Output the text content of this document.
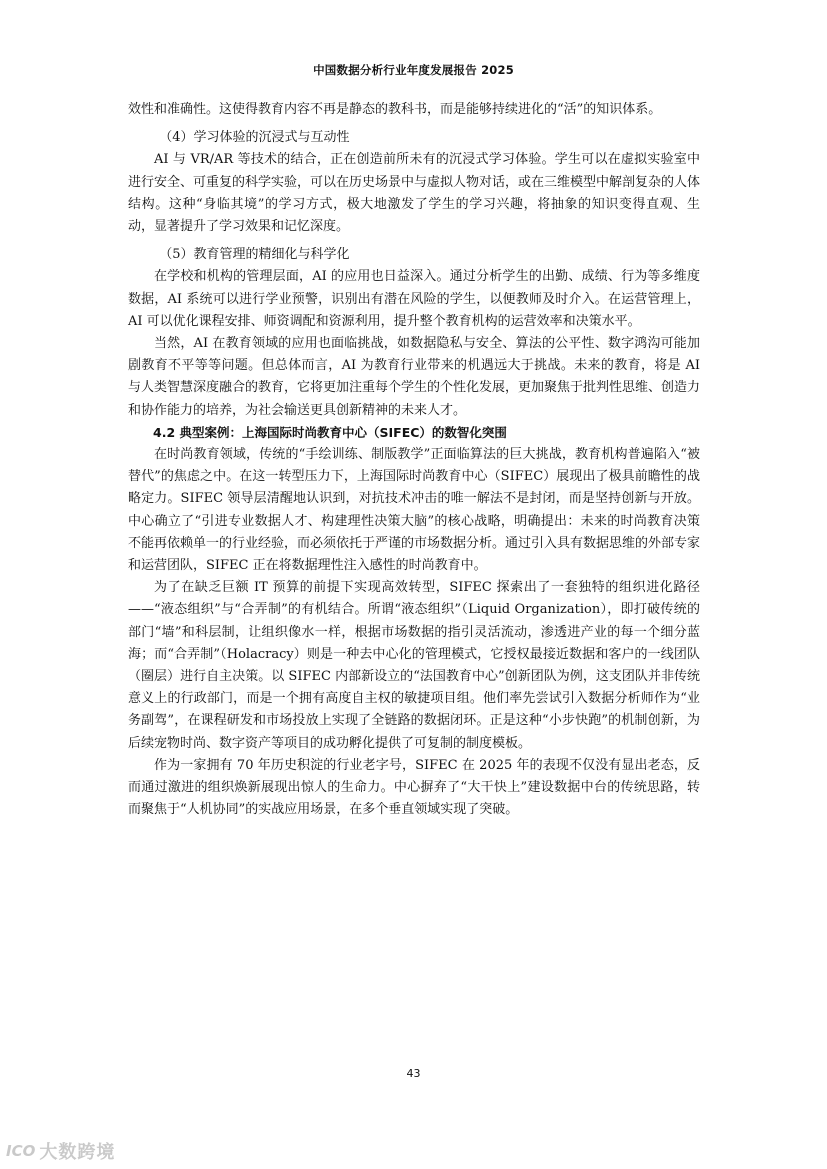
中国数据分析行业年度发展报告 2025

效性和准确性。这使得教育内容不再是静态的教科书，而是能够持续进化的“活”的知识体系。

（4）学习体验的沉浸式与互动性

AI 与 VR/AR 等技术的结合，正在创造前所未有的沉浸式学习体验。学生可以在虚拟实验室中进行安全、可重复的科学实验，可以在历史场景中与虚拟人物对话，或在三维模型中解剖复杂的人体结构。这种“身临其境”的学习方式，极大地激发了学生的学习兴趣，将抽象的知识变得直观、生动，显著提升了学习效果和记忆深度。

（5）教育管理的精细化与科学化

在学校和机构的管理层面，AI 的应用也日益深入。通过分析学生的出勤、成绩、行为等多维度数据，AI 系统可以进行学业预警，识别出有潜在风险的学生，以便教师及时介入。在运营管理上，AI 可以优化课程安排、师资调配和资源利用，提升整个教育机构的运营效率和决策水平。

当然，AI 在教育领域的应用也面临挑战，如数据隐私与安全、算法的公平性、数字鸿沟可能加剧教育不平等等问题。但总体而言，AI 为教育行业带来的机遇远大于挑战。未来的教育，将是 AI 与人类智慧深度融合的教育，它将更加注重每个学生的个性化发展，更加聚焦于批判性思维、创造力和协作能力的培养，为社会输送更具创新精神的未来人才。

4.2 典型案例：上海国际时尚教育中心（SIFEC）的数智化突围

在时尚教育领域，传统的“手绘训练、制版教学”正面临算法的巨大挑战，教育机构普遍陷入“被替代”的焦虑之中。在这一转型压力下，上海国际时尚教育中心（SIFEC）展现出了极具前瞻性的战略定力。SIFEC 领导层清醒地认识到，对抗技术冲击的唯一解法不是封闭，而是坚持创新与开放。中心确立了“引进专业数据人才、构建理性决策大脑”的核心战略，明确提出：未来的时尚教育决策不能再依赖单一的行业经验，而必须依托于严谨的市场数据分析。通过引入具有数据思维的外部专家和运营团队，SIFEC 正在将数据理性注入感性的时尚教育中。

为了在缺乏巨额 IT 预算的前提下实现高效转型，SIFEC 探索出了一套独特的组织进化路径——“液态组织”与“合弄制”的有机结合。所谓“液态组织”（Liquid Organization），即打破传统的部门“墙”和科层制，让组织像水一样，根据市场数据的指引灵活流动，渗透进产业的每一个细分蓝海；而“合弄制”（Holacracy）则是一种去中心化的管理模式，它授权最接近数据和客户的一线团队（圈层）进行自主决策。以 SIFEC 内部新设立的“法国教育中心”创新团队为例，这支团队并非传统意义上的行政部门，而是一个拥有高度自主权的敏捷项目组。他们率先尝试引入数据分析师作为“业务副驾”，在课程研发和市场投放上实现了全链路的数据闭环。正是这种“小步快跑”的机制创新，为后续宠物时尚、数字资产等项目的成功孵化提供了可复制的制度模板。

作为一家拥有 70 年历史积淀的行业老字号，SIFEC 在 2025 年的表现不仅没有显出老态，反而通过激进的组织焕新展现出惊人的生命力。中心摒弃了“大干快上”建设数据中台的传统思路，转而聚焦于“人机协同”的实战应用场景，在多个垂直领域实现了突破。

43
ICO 大数跨境
